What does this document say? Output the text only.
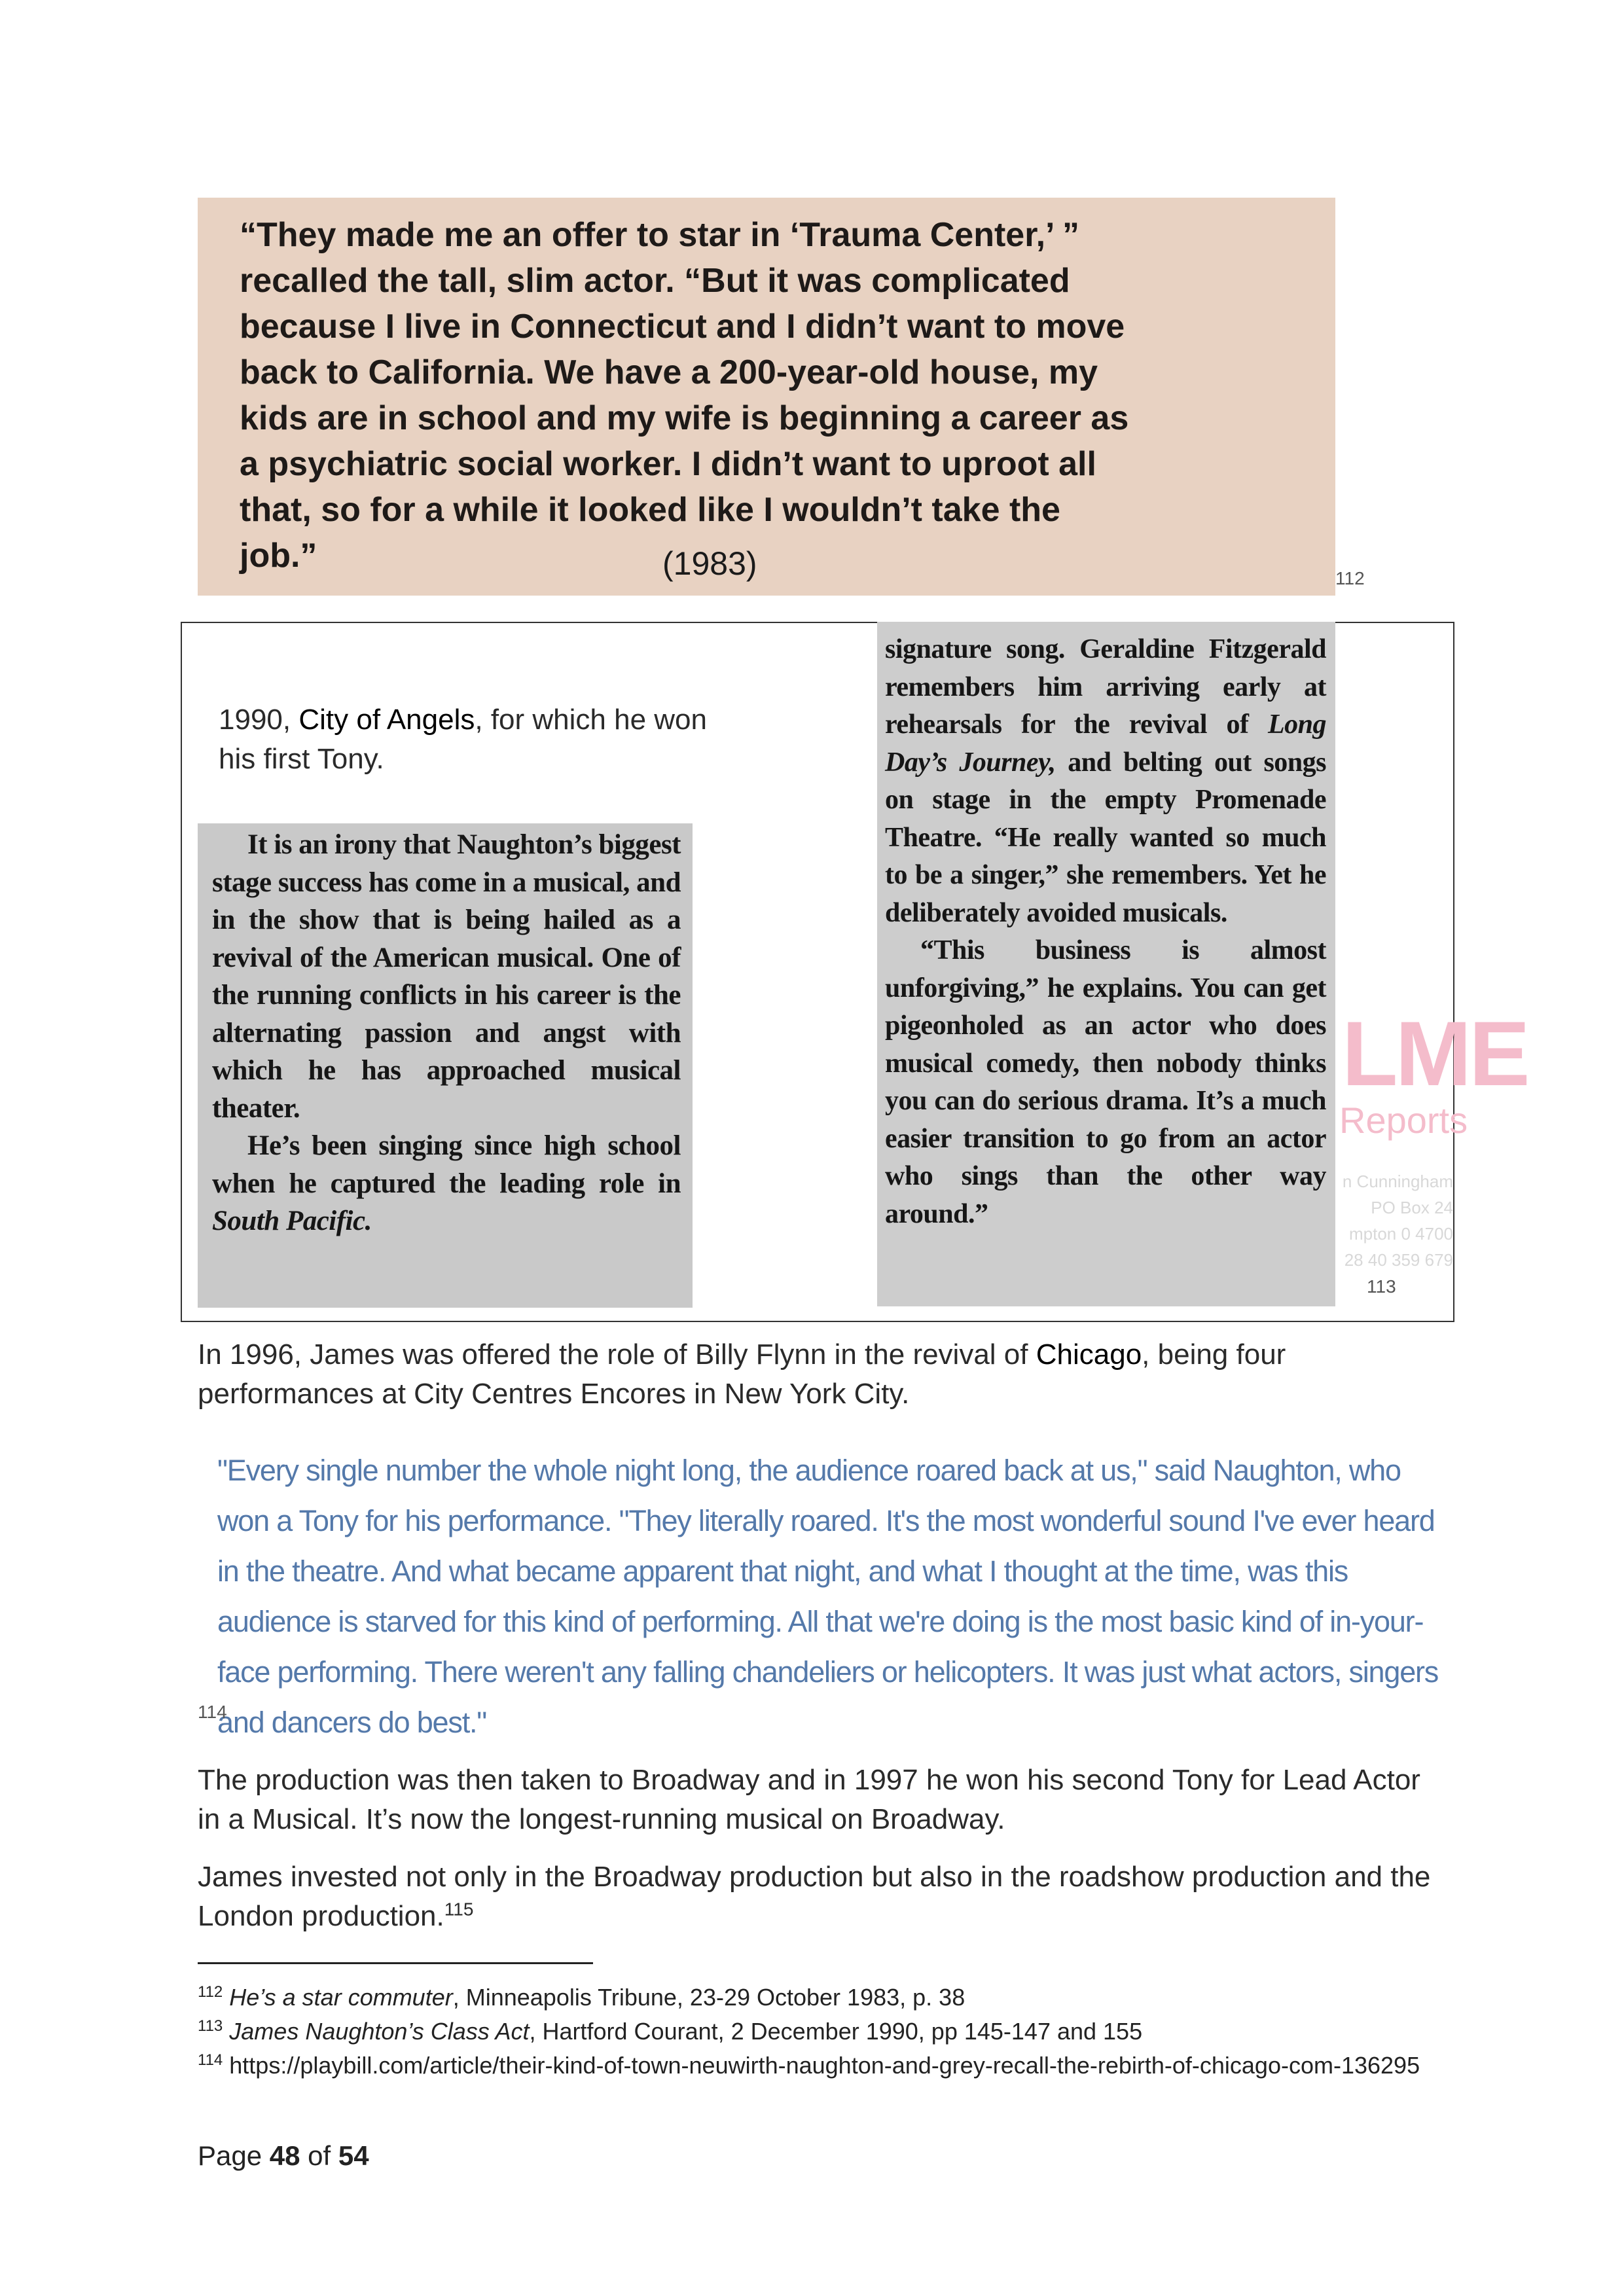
“They made me an offer to star in ‘Trauma Center,’ ”
recalled the tall, slim actor. “But it was complicated
because I live in Connecticut and I didn’t want to move
back to California. We have a 200-year-old house, my
kids are in school and my wife is beginning a career as
a psychiatric social worker. I didn’t want to uproot all
that, so for a while it looked like I wouldn’t take the
job.”	(1983)	112
1990, City of Angels, for which he won his first Tony.

It is an irony that Naughton’s biggest stage success has come in a musical, and in the show that is being hailed as a revival of the American musical. One of the running conflicts in his career is the alternating passion and angst with which he has approached musical theater.

He’s been singing since high school when he captured the leading role in South Pacific.

signature song. Geraldine Fitzgerald remembers him arriving early at rehearsals for the revival of Long Day’s Journey, and belting out songs on stage in the empty Promenade Theatre. “He really wanted so much to be a singer,” she remembers. Yet he deliberately avoided musicals.

“This business is almost unforgiving,” he explains. You can get pigeonholed as an actor who does musical comedy, then nobody thinks you can do serious drama. It’s a much easier transition to go from an actor who sings than the other way around.”

LME
Reports
n Cunningham
PO Box 24
mpton 0 4700
28 40 359 679
113
In 1996, James was offered the role of Billy Flynn in the revival of Chicago, being four performances at City Centres Encores in New York City.
"Every single number the whole night long, the audience roared back at us," said Naughton, who won a Tony for his performance. "They literally roared. It's the most wonderful sound I've ever heard in the theatre. And what became apparent that night, and what I thought at the time, was this audience is starved for this kind of performing. All that we're doing is the most basic kind of in-your-face performing. There weren't any falling chandeliers or helicopters. It was just what actors, singers and dancers do best."
114
The production was then taken to Broadway and in 1997 he won his second Tony for Lead Actor in a Musical. It’s now the longest-running musical on Broadway.
James invested not only in the Broadway production but also in the roadshow production and the London production.$^{115}$

$^{112}$ He’s a star commuter, Minneapolis Tribune, 23-29 October 1983, p. 38

$^{113}$ James Naughton’s Class Act, Hartford Courant, 2 December 1990, pp 145-147 and 155

$^{114}$ https://playbill.com/article/their-kind-of-town-neuwirth-naughton-and-grey-recall-the-rebirth-of-chicago-com-136295

Page 48 of 54
